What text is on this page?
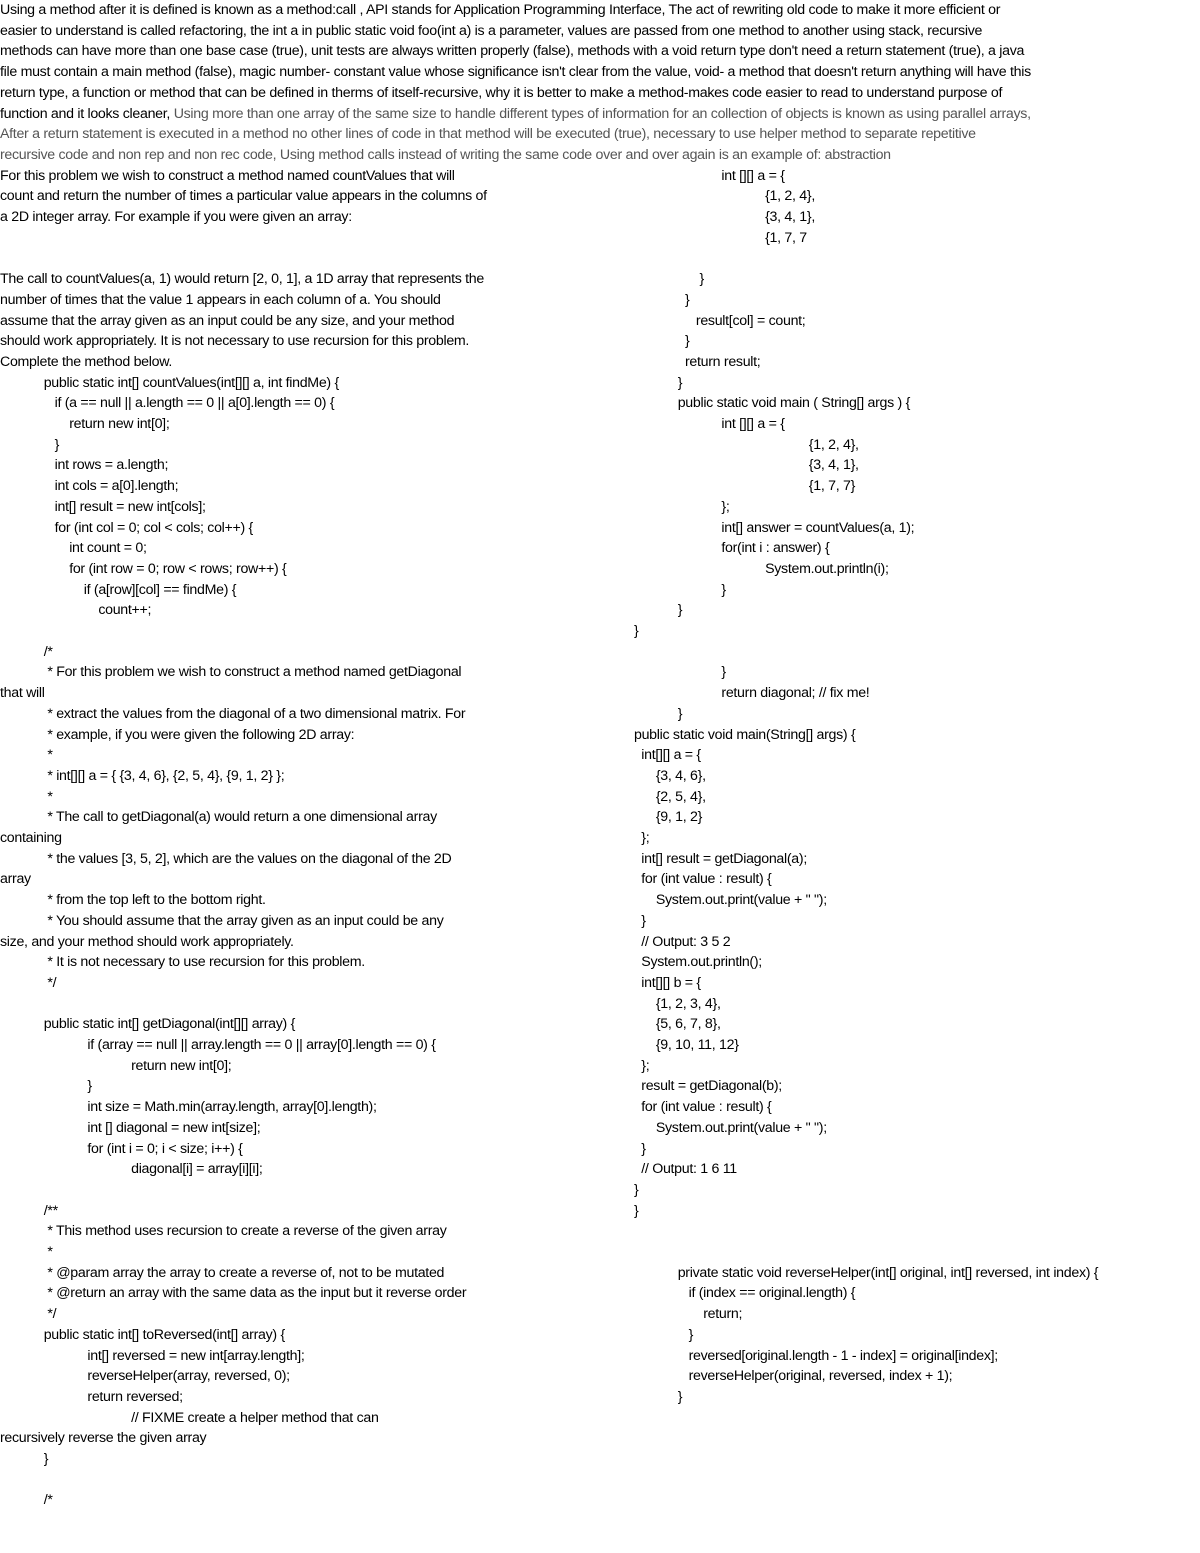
Using a method after it is defined is known as a method:call , API stands for Application Programming Interface, The act of rewriting old code to make it more efficient or
easier to understand is called refactoring, the int a in public static void foo(int a) is a parameter, values are passed from one method to another using stack, recursive
methods can have more than one base case (true), unit tests are always written properly (false), methods with a void return type don't need a return statement (true), a java
file must contain a main method (false), magic number- constant value whose significance isn't clear from the value, void- a method that doesn't return anything will have this
return type, a function or method that can be defined in therms of itself-recursive, why it is better to make a method-makes code easier to read to understand purpose of
function and it looks cleaner, Using more than one array of the same size to handle different types of information for an collection of objects is known as using parallel arrays,
After a return statement is executed in a method no other lines of code in that method will be executed (true), necessary to use helper method to separate repetitive
recursive code and non rep and non rec code, Using method calls instead of writing the same code over and over again is an example of: abstraction
For this problem we wish to construct a method named countValues that will
count and return the number of times a particular value appears in the columns of
a 2D integer array. For example if you were given an array:
The call to countValues(a, 1) would return [2, 0, 1], a 1D array that represents the
number of times that the value 1 appears in each column of a. You should
assume that the array given as an input could be any size, and your method
should work appropriately. It is not necessary to use recursion for this problem.
Complete the method below.
public static int[] countValues(int[][] a, int findMe) {
if (a == null || a.length == 0 || a[0].length == 0) {
return new int[0];
}
int rows = a.length;
int cols = a[0].length;
int[] result = new int[cols];
for (int col = 0; col < cols; col++) {
int count = 0;
for (int row = 0; row < rows; row++) {
if (a[row][col] == findMe) {
count++;
/*
* For this problem we wish to construct a method named getDiagonal
that will
* extract the values from the diagonal of a two dimensional matrix. For
* example, if you were given the following 2D array:
*
* int[][] a = { {3, 4, 6}, {2, 5, 4}, {9, 1, 2} };
*
* The call to getDiagonal(a) would return a one dimensional array
containing
* the values [3, 5, 2], which are the values on the diagonal of the 2D
array
* from the top left to the bottom right.
* You should assume that the array given as an input could be any
size, and your method should work appropriately.
* It is not necessary to use recursion for this problem.
*/
public static int[] getDiagonal(int[][] array) {
if (array == null || array.length == 0 || array[0].length == 0) {
return new int[0];
}
int size = Math.min(array.length, array[0].length);
int [] diagonal = new int[size];
for (int i = 0; i < size; i++) {
diagonal[i] = array[i][i];
/**
* This method uses recursion to create a reverse of the given array
*
* @param array the array to create a reverse of, not to be mutated
* @return an array with the same data as the input but it reverse order
*/
public static int[] toReversed(int[] array) {
int[] reversed = new int[array.length];
reverseHelper(array, reversed, 0);
return reversed;
// FIXME create a helper method that can
recursively reverse the given array
}
/*
int [][] a = {
{1, 2, 4},
{3, 4, 1},
{1, 7, 7
}
}
result[col] = count;
}
return result;
}
public static void main ( String[] args ) {
int [][] a = {
{1, 2, 4},
{3, 4, 1},
{1, 7, 7}
};
int[] answer = countValues(a, 1);
for(int i : answer) {
System.out.println(i);
}
}
}
}
return diagonal; // fix me!
}
public static void main(String[] args) {
int[][] a = {
{3, 4, 6},
{2, 5, 4},
{9, 1, 2}
};
int[] result = getDiagonal(a);
for (int value : result) {
System.out.print(value + " ");
}
// Output: 3 5 2
System.out.println();
int[][] b = {
{1, 2, 3, 4},
{5, 6, 7, 8},
{9, 10, 11, 12}
};
result = getDiagonal(b);
for (int value : result) {
System.out.print(value + " ");
}
// Output: 1 6 11
}
}
private static void reverseHelper(int[] original, int[] reversed, int index) {
if (index == original.length) {
return;
}
reversed[original.length - 1 - index] = original[index];
reverseHelper(original, reversed, index + 1);
}
